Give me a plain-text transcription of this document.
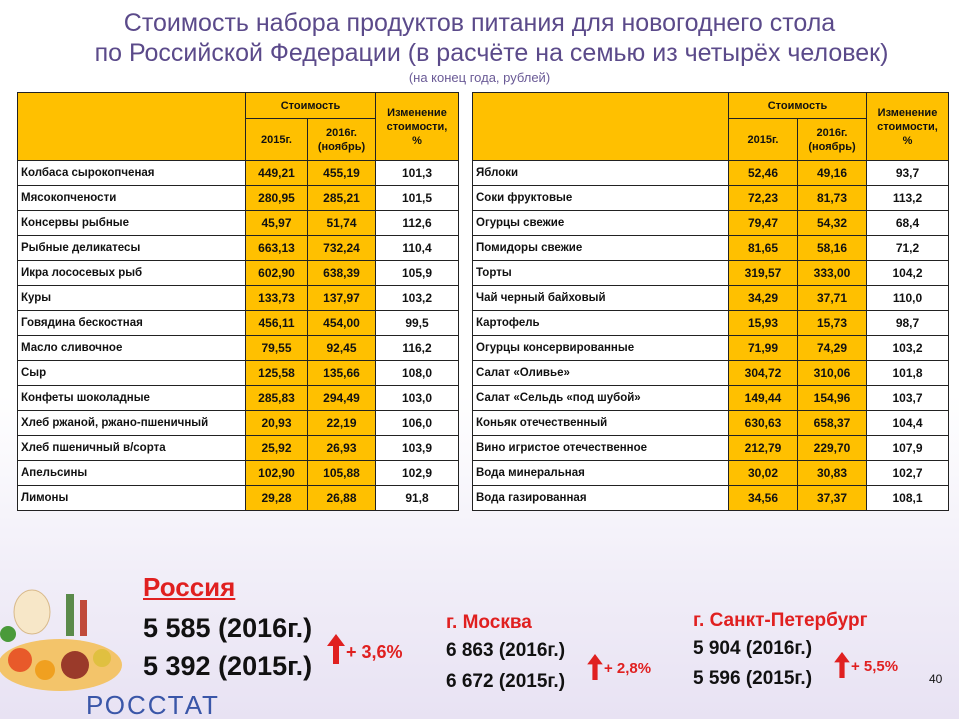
Стоимость набора продуктов питания для новогоднего стола
по Российской Федерации (в расчёте на семью из четырёх человек)
(на конец года, рублей)
	Стоимость		Изменение
стоимости,
%

	2015г.	2016г.
(ноябрь)	

Колбаса сырокопченая	449,21	455,19	101,3
Мясокопчености	280,95	285,21	101,5
Консервы рыбные	45,97	51,74	112,6
Рыбные деликатесы	663,13	732,24	110,4
Икра лососевых рыб	602,90	638,39	105,9
Куры	133,73	137,97	103,2
Говядина бескостная	456,11	454,00	99,5
Масло сливочное	79,55	92,45	116,2
Сыр	125,58	135,66	108,0
Конфеты шоколадные	285,83	294,49	103,0
Хлеб ржаной, ржано-пшеничный	20,93	22,19	106,0
Хлеб пшеничный в/сорта	25,92	26,93	103,9
Апельсины	102,90	105,88	102,9
Лимоны	29,28	26,88	91,8
	Стоимость		Изменение
стоимости,
%

	2015г.	2016г.
(ноябрь)	

Яблоки	52,46	49,16	93,7
Соки фруктовые	72,23	81,73	113,2
Огурцы свежие	79,47	54,32	68,4
Помидоры свежие	81,65	58,16	71,2
Торты	319,57	333,00	104,2
Чай черный байховый	34,29	37,71	110,0
Картофель	15,93	15,73	98,7
Огурцы консервированные	71,99	74,29	103,2
Салат «Оливье»	304,72	310,06	101,8
Салат «Сельдь «под шубой»	149,44	154,96	103,7
Коньяк отечественный	630,63	658,37	104,4
Вино игристое отечественное	212,79	229,70	107,9
Вода минеральная	30,02	30,83	102,7
Вода газированная	34,56	37,37	108,1
РОССТАТ
Россия
5 585 (2016г.)
5 392 (2015г.) + 3,6%
г. Москва
6 863 (2016г.)
6 672 (2015г.)
+ 2,8%
г. Санкт-Петербург
5 904 (2016г.)
5 596 (2015г.)
+ 5,5%
40
